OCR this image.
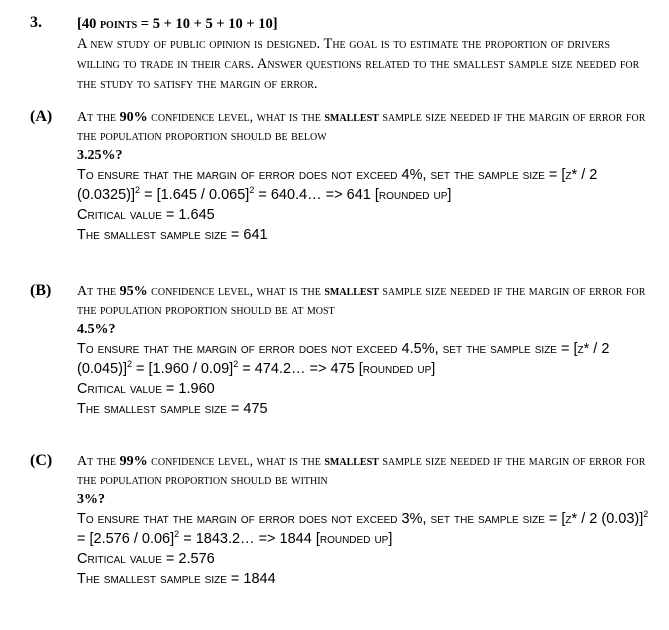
3. [40 points = 5 + 10 + 5 + 10 + 10]
A new study of public opinion is designed. The goal is to estimate the proportion of drivers willing to trade in their cars. Answer questions related to the smallest sample size needed for the study to satisfy the margin of error.
(A) At the 90% confidence level, what is the smallest sample size needed if the margin of error for the population proportion should be below
3.25%?

To ensure that the margin of error does not exceed 4%, set the sample size = [z* / 2 (0.0325)]$^2$ = [1.645 / 0.065]$^2$ = 640.4… => 641 [rounded up]

Critical value = 1.645

The smallest sample size = 641

(B) At the 95% confidence level, what is the smallest sample size needed if the margin of error for the population proportion should be at most
4.5%?

To ensure that the margin of error does not exceed 4.5%, set the sample size = [z* / 2 (0.045)]$^2$ = [1.960 / 0.09]$^2$ = 474.2… => 475 [rounded up]

Critical value = 1.960

The smallest sample size = 475

(C) At the 99% confidence level, what is the smallest sample size needed if the margin of error for the population proportion should be within
3%?

To ensure that the margin of error does not exceed 3%, set the sample size = [z* / 2 (0.03)]$^2$ = [2.576 / 0.06]$^2$ = 1843.2… => 1844 [rounded up]

Critical value = 2.576

The smallest sample size = 1844
